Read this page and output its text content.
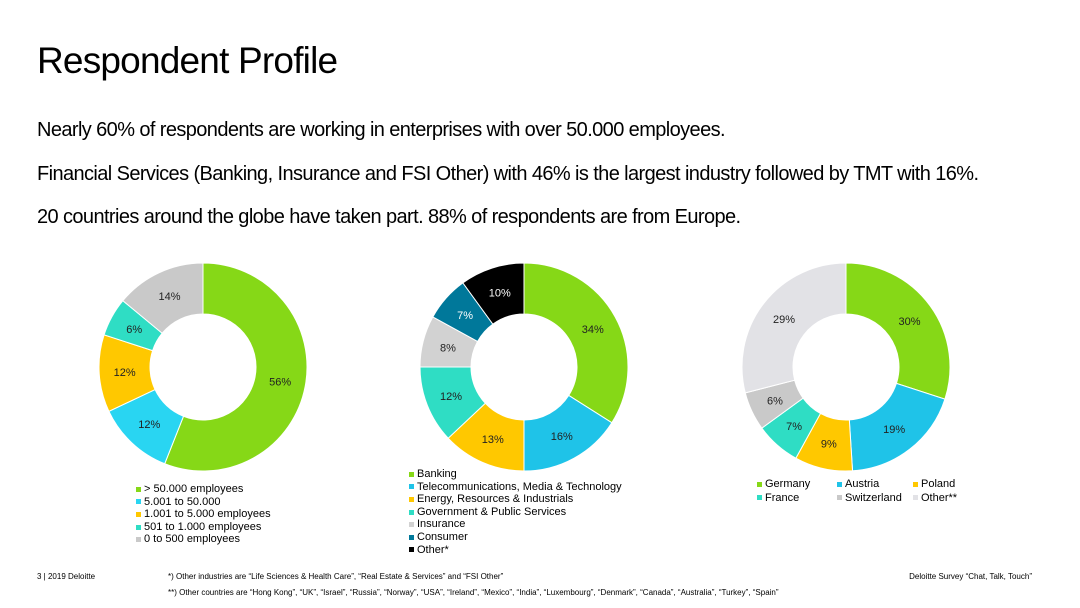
Respondent Profile

Nearly 60% of respondents are working in enterprises with over 50.000 employees.

Financial Services (Banking, Insurance and FSI Other) with 46% is the largest industry followed by TMT with 16%.

20 countries around the globe have taken part. 88% of respondents are from Europe.

56%
12%
12%
6%
14%
> 50.000 employees
5.001 to 50.000
1.001 to 5.000 employees
501 to 1.000 employees
0 to 500 employees
34%
16%
13%
12%
8%
7%
10%
Banking
Telecommunications, Media & Technology
Energy, Resources & Industrials
Government & Public Services
Insurance
Consumer
Other*
30%
19%
9%
7%
6%
29%
Germany	Austria	Poland
France	Switzerland Other**
3 | 2019 Deloitte	*) Other industries are “Life Sciences & Health Care”, “Real Estate & Services” and “FSI Other”
**) Other countries are “Hong Kong”, “UK”, “Israel”, “Russia”, “Norway”, “USA”, “Ireland”, “Mexico”, “India”, “Luxembourg”, “Denmark”, “Canada”, “Australia”, “Turkey”, “Spain”
Deloitte Survey “Chat, Talk, Touch”
